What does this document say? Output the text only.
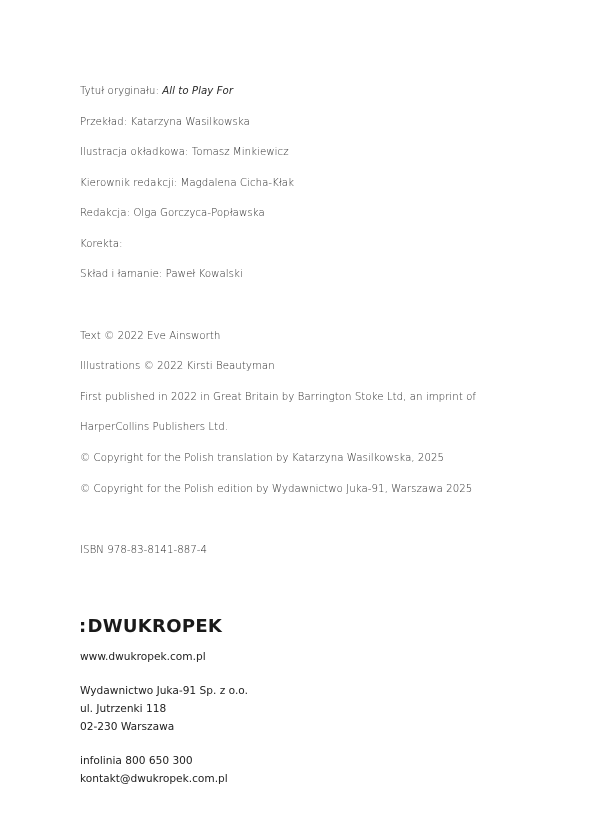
Tytuł oryginału: All to Play For
Przekład: Katarzyna Wasilkowska
Ilustracja okładkowa: Tomasz Minkiewicz
Kierownik redakcji: Magdalena Cicha-Kłak
Redakcja: Olga Gorczyca-Popławska
Korekta:
Skład i łamanie: Paweł Kowalski
Text © 2022 Eve Ainsworth
Illustrations © 2022 Kirsti Beautyman
First published in 2022 in Great Britain by Barrington Stoke Ltd, an imprint of
HarperCollins Publishers Ltd.
© Copyright for the Polish translation by Katarzyna Wasilkowska, 2025
© Copyright for the Polish edition by Wydawnictwo Juka-91, Warszawa 2025
ISBN 978-83-8141-887-4
:DWUKROPEK
www.dwukropek.com.pl
Wydawnictwo Juka-91 Sp. z o.o.
ul. Jutrzenki 118
02-230 Warszawa
infolinia 800 650 300
kontakt@dwukropek.com.pl
